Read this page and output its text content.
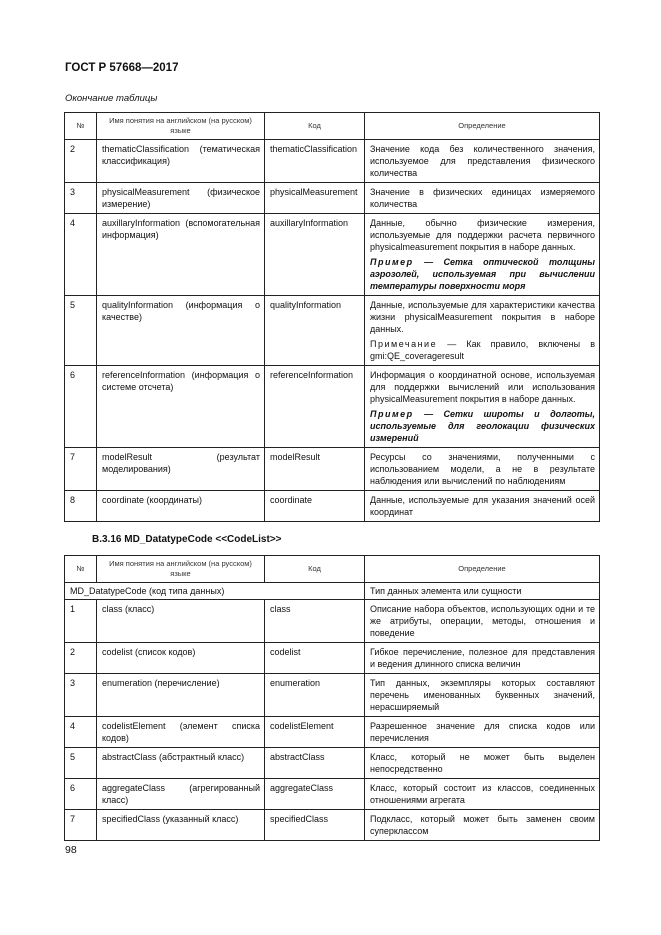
ГОСТ Р 57668—2017
Окончание таблицы
№	Имя понятия на английском (на русском) языке	Код	Определение
2	thematicClassification (тематическая классификация)	thematicClassification	Значение кода без количественного значения, используемое для представления физического количества

3	physicalMeasurement (физическое измерение)	physicalMeasurement	Значение в физических единицах измеряемого количества

4	auxillaryInformation (вспомогательная информация)	auxillaryInformation	Данные, обычно физические измерения, используемые для поддержки расчета первичного physicalmeasurement покрытия в наборе данных.
Пример — Сетка оптической толщины аэрозолей, используемая при вычислении температуры поверхности моря

5	qualityInformation (информация о качестве)	qualityInformation	Данные, используемые для характеристики качества жизни physicalMeasurement покрытия в наборе данных.
Примечание — Как правило, включены в gmi:QE_coverageresult

6	referenceInformation (информация о системе отсчета)	referenceInformation	Информация о координатной основе, используемая для поддержки вычислений или использования physicalMeasurement покрытия в наборе данных.
Пример — Сетки широты и долготы, используемые для геолокации физических измерений

7	modelResult (результат моделирования)	modelResult	Ресурсы со значениями, полученными с использованием модели, а не в результате наблюдения или вычислений по наблюдениям

8	coordinate (координаты)	coordinate	Данные, используемые для указания значений осей координат
B.3.16 MD_DatatypeCode <<CodeList>>
№	Имя понятия на английском (на русском) языке	Код	Определение
MD_DatatypeCode (код типа данных)			Тип данных элемента или сущности
1	class (класс)	class	Описание набора объектов, использующих одни и те же атрибуты, операции, методы, отношения и поведение

2	codelist (список кодов)	codelist	Гибкое перечисление, полезное для представления и ведения длинного списка величин

3	enumeration (перечисление)	enumeration	Тип данных, экземпляры которых составляют перечень именованных буквенных значений, нерасширяемый

4	codelistElement (элемент списка кодов)	codelistElement	Разрешенное значение для списка кодов или перечисления

5	abstractClass (абстрактный класс)	abstractClass	Класс, который не может быть выделен непосредственно

6	aggregateClass (агрегированный класс)	aggregateClass	Класс, который состоит из классов, соединенных отношениями агрегата

7	specifiedClass (указанный класс)	specifiedClass	Подкласс, который может быть заменен своим суперклассом
98
